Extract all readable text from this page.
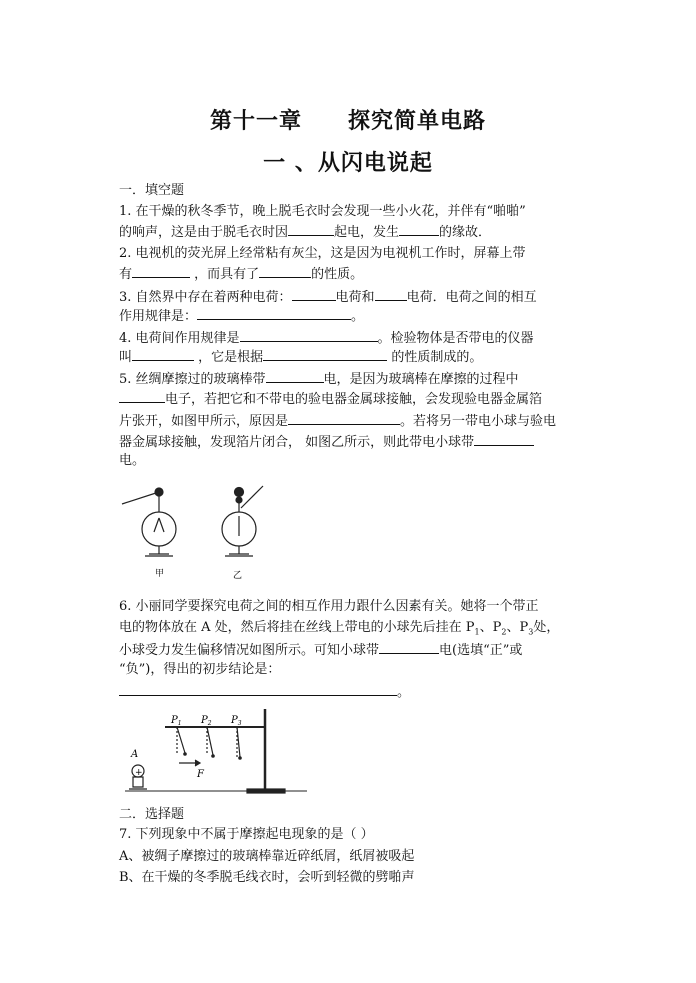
第十一章 探究简单电路
一 、从闪电说起
一．填空题
1. 在干燥的秋冬季节，晚上脱毛衣时会发现一些小火花，并伴有“啪啪”
的响声，这是由于脱毛衣时因	起电，发生	的缘故．
2. 电视机的荧光屏上经常粘有灰尘，这是因为电视机工作时，屏幕上带
有	，而具有了	的性质。
3. 自然界中存在着两种电荷：	电荷和 电荷．电荷之间的相互
作用规律是：	。
4. 电荷间作用规律是	。检验物体是否带电的仪器
叫	，它是根据	的性质制成的。
5. 丝绸摩擦过的玻璃棒带	电，是因为玻璃棒在摩擦的过程中
电子，若把它和不带电的验电器金属球接触，会发现验电器金属箔
片张开，如图甲所示，原因是	。若将另一带电小球与验电
器金属球接触，发现箔片闭合， 如图乙所示，则此带电小球带
电。
甲	乙
6. 小丽同学要探究电荷之间的相互作用力跟什么因素有关。她将一个带正
电的物体放在 A 处，然后将挂在丝线上带电的小球先后挂在 $P_1$、$P_2$、$P_3$处，
小球受力发生偏移情况如图所示。可知小球带	电(选填“正”或
“负”)，得出的初步结论是：
。
$P_1$ $P_2$ $P_3$
A
+	F
二．选择题
7. 下列现象中不属于摩擦起电现象的是（ ）
A、被绸子摩擦过的玻璃棒靠近碎纸屑，纸屑被吸起
B、在干燥的冬季脱毛线衣时，会听到轻微的劈啪声
